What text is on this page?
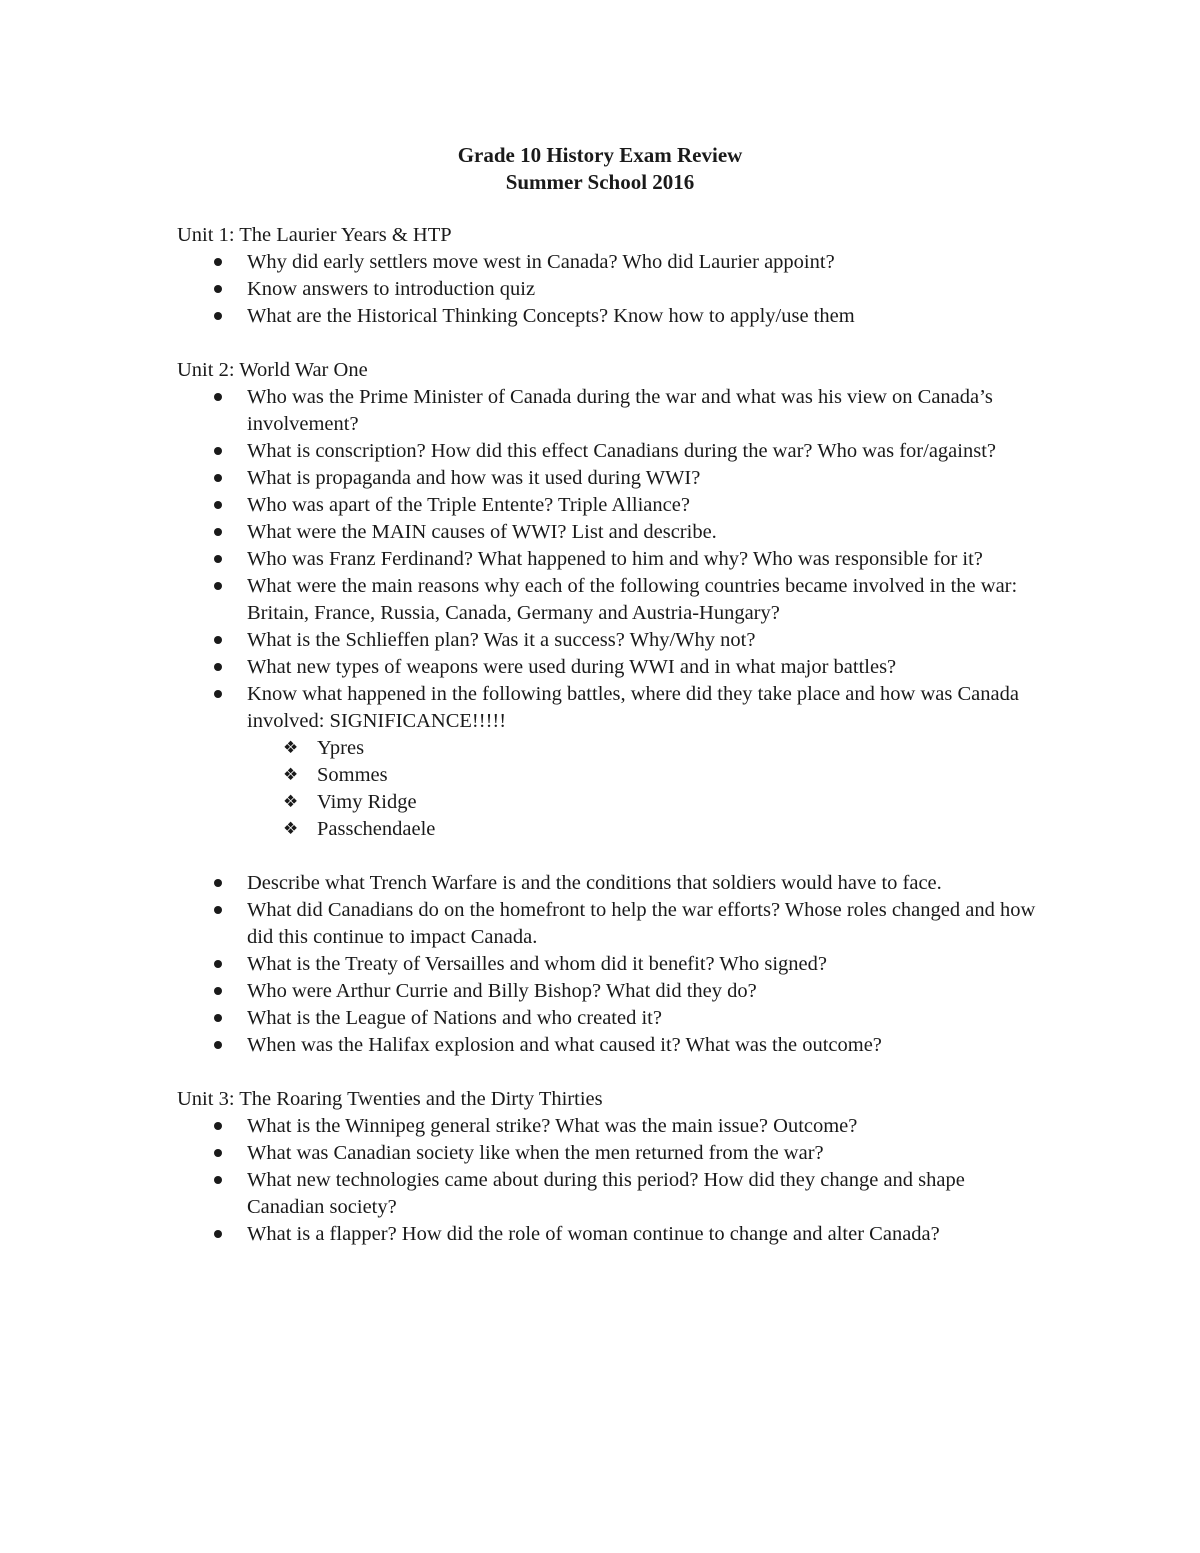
Grade 10 History Exam Review
Summer School 2016
Unit 1: The Laurier Years & HTP
Why did early settlers move west in Canada? Who did Laurier appoint?
Know answers to introduction quiz
What are the Historical Thinking Concepts? Know how to apply/use them
Unit 2: World War One
Who was the Prime Minister of Canada during the war and what was his view on Canada’s involvement?
What is conscription? How did this effect Canadians during the war? Who was for/against?
What is propaganda and how was it used during WWI?
Who was apart of the Triple Entente? Triple Alliance?
What were the MAIN causes of WWI? List and describe.
Who was Franz Ferdinand? What happened to him and why? Who was responsible for it?
What were the main reasons why each of the following countries became involved in the war: Britain, France, Russia, Canada, Germany and Austria-Hungary?
What is the Schlieffen plan? Was it a success? Why/Why not?
What new types of weapons were used during WWI and in what major battles?
Know what happened in the following battles, where did they take place and how was Canada involved: SIGNIFICANCE!!!!!
❖ Ypres
❖ Sommes
❖ Vimy Ridge
❖ Passchendaele
Describe what Trench Warfare is and the conditions that soldiers would have to face.
What did Canadians do on the homefront to help the war efforts? Whose roles changed and how did this continue to impact Canada.
What is the Treaty of Versailles and whom did it benefit? Who signed?
Who were Arthur Currie and Billy Bishop? What did they do?
What is the League of Nations and who created it?
When was the Halifax explosion and what caused it? What was the outcome?
Unit 3: The Roaring Twenties and the Dirty Thirties
What is the Winnipeg general strike? What was the main issue? Outcome?
What was Canadian society like when the men returned from the war?
What new technologies came about during this period? How did they change and shape Canadian society?
What is a flapper? How did the role of woman continue to change and alter Canada?
